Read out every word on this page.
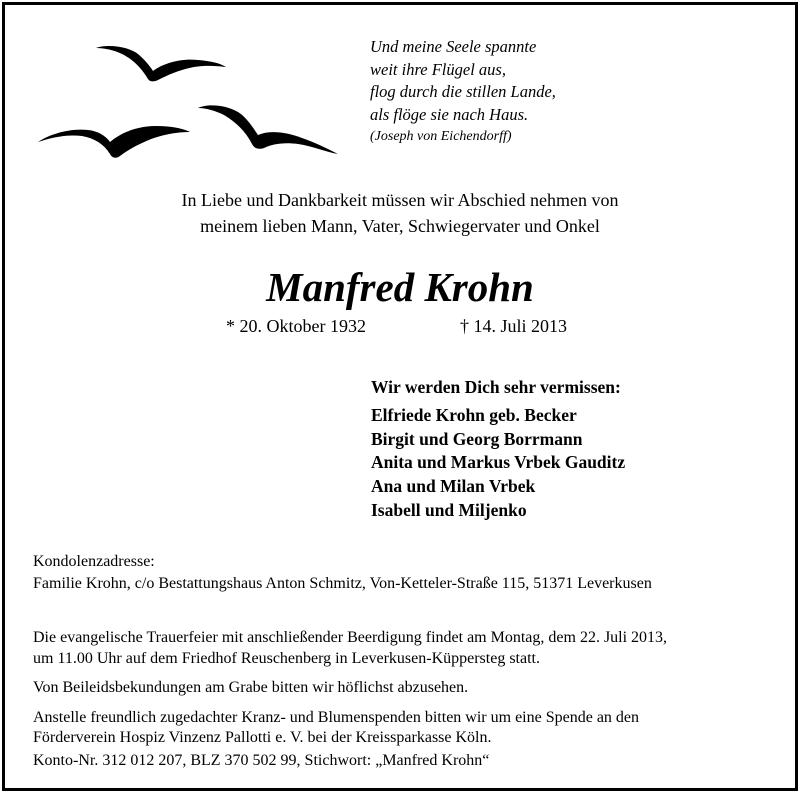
Und meine Seele spannte
weit ihre Flügel aus,
flog durch die stillen Lande,
als flöge sie nach Haus.
(Joseph von Eichendorff)
In Liebe und Dankbarkeit müssen wir Abschied nehmen von
meinem lieben Mann, Vater, Schwiegervater und Onkel
Manfred Krohn
* 20. Oktober 1932	† 14. Juli 2013
Wir werden Dich sehr vermissen:
Elfriede Krohn geb. Becker
Birgit und Georg Borrmann
Anita und Markus Vrbek Gauditz
Ana und Milan Vrbek
Isabell und Miljenko
Kondolenzadresse:
Familie Krohn, c/o Bestattungshaus Anton Schmitz, Von-Ketteler-Straße 115, 51371 Leverkusen

Die evangelische Trauerfeier mit anschließender Beerdigung findet am Montag, dem 22. Juli 2013,
um 11.00 Uhr auf dem Friedhof Reuschenberg in Leverkusen-Küppersteg statt.

Von Beileidsbekundungen am Grabe bitten wir höflichst abzusehen.

Anstelle freundlich zugedachter Kranz- und Blumenspenden bitten wir um eine Spende an den
Förderverein Hospiz Vinzenz Pallotti e. V. bei der Kreissparkasse Köln.

Konto-Nr. 312 012 207, BLZ 370 502 99, Stichwort: „Manfred Krohn“
